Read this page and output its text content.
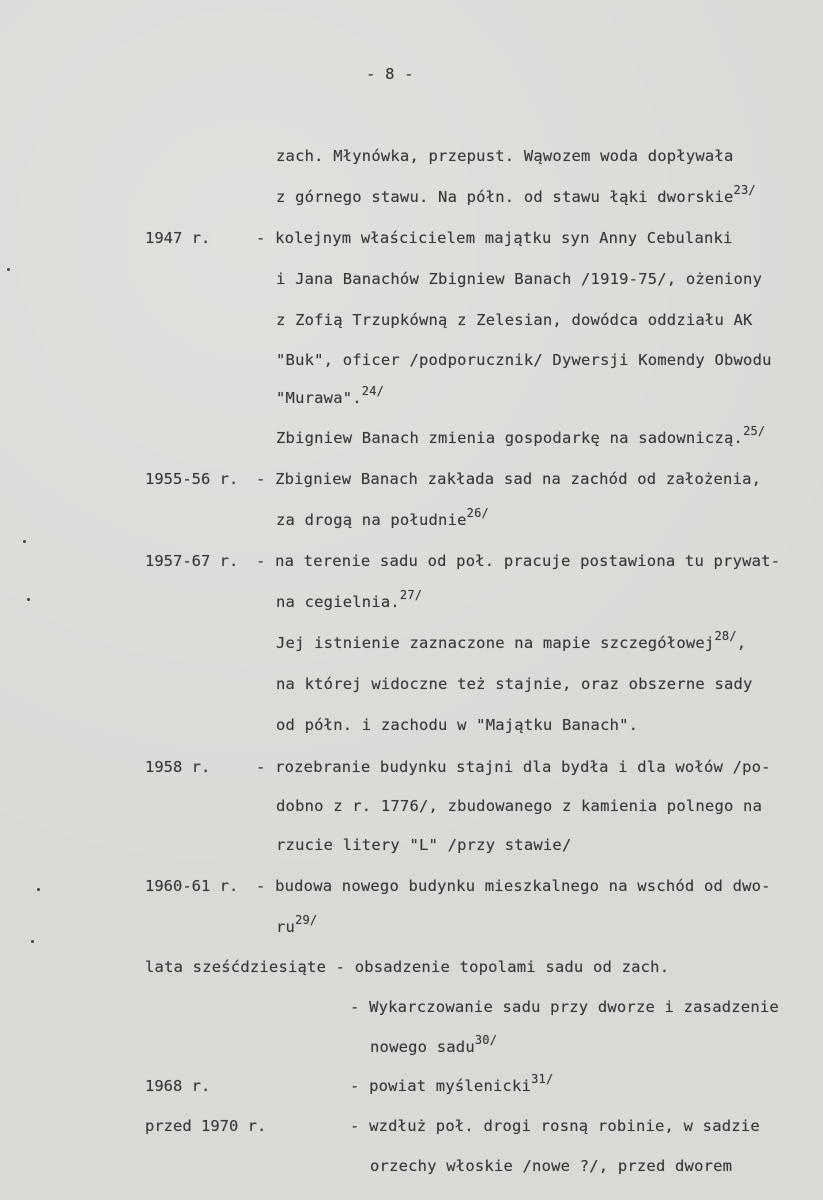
- 8 -
1947 r.
1955-56 r.
1957-67 r.
1958 r.
1960-61 r.
1968 r.
przed 1970 r.
zach. Młynówka, przepust. Wąwozem woda dopływała
z górnego stawu. Na półn. od stawu łąki dworskie$^{23/}$
- kolejnym właścicielem majątku syn Anny Cebulanki
i Jana Banachów Zbigniew Banach /1919-75/, ożeniony
z Zofią Trzupkówną z Zelesian, dowódca oddziału AK
"Buk", oficer /podporucznik/ Dywersji Komendy Obwodu
"Murawa".$^{24/}$
Zbigniew Banach zmienia gospodarkę na sadowniczą.$^{25/}$
- Zbigniew Banach zakłada sad na zachód od założenia,
za drogą na południe$^{26/}$
- na terenie sadu od poł. pracuje postawiona tu prywat-
na cegielnia.$^{27/}$
Jej istnienie zaznaczone na mapie szczegółowej$^{28/}$,
na której widoczne też stajnie, oraz obszerne sady
od półn. i zachodu w "Majątku Banach".
- rozebranie budynku stajni dla bydła i dla wołów /po-
dobno z r. 1776/, zbudowanego z kamienia polnego na
rzucie litery "L" /przy stawie/
- budowa nowego budynku mieszkalnego na wschód od dwo-
$ru^{29/}$
lata sześćdziesiąte - obsadzenie topolami sadu od zach.
- Wykarczowanie sadu przy dworze i zasadzenie
nowego sadu$^{30/}$
- powiat myślenicki$^{31/}$
- wzdłuż poł. drogi rosną robinie, w sadzie
orzechy włoskie /nowe ?/, przed dworem
